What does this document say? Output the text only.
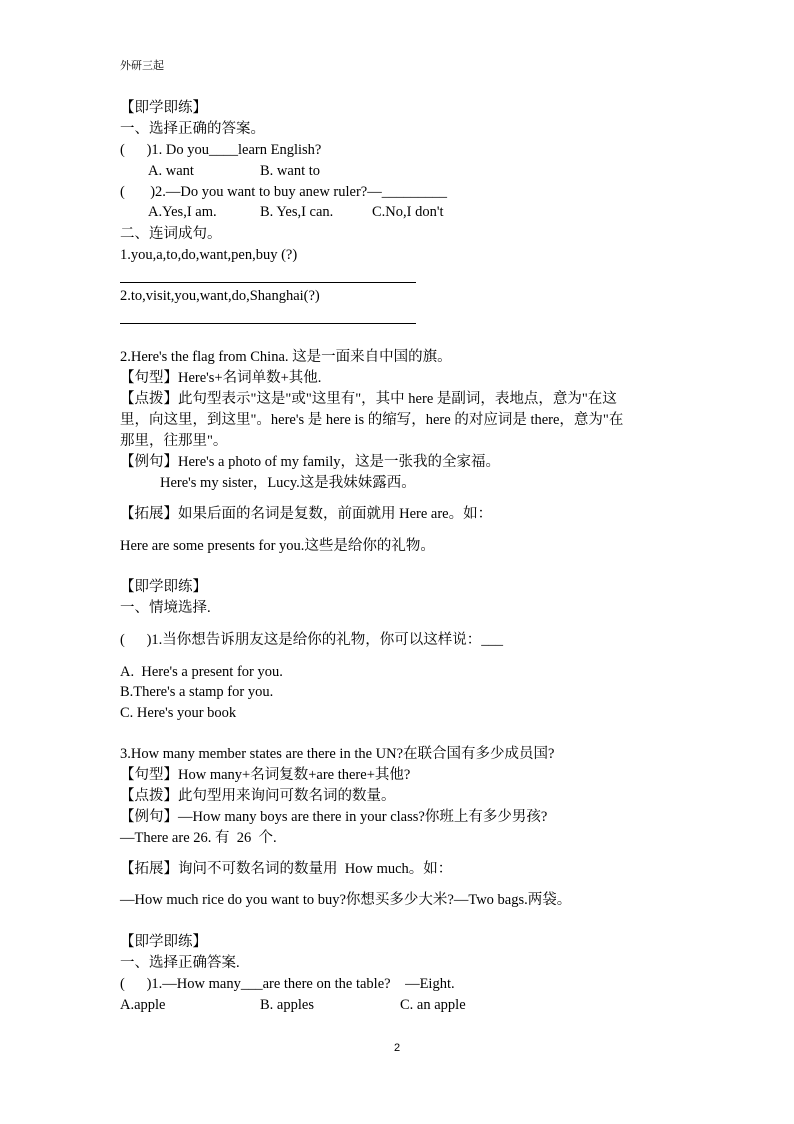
外研三起
【即学即练】
一、选择正确的答案。
(      )1. Do you____learn English?
A. want	B. want to
(       )2.—Do you want to buy anew ruler?—_________
A.Yes,I am.	B. Yes,I can.	C.No,I don't
二、连词成句。
1.you,a,to,do,want,pen,buy (?)
2.to,visit,you,want,do,Shanghai(?)
2.Here's the flag from China. 这是一面来自中国的旗。
【句型】Here's+名词单数+其他.
【点拨】此句型表示"这是"或"这里有"，其中 here 是副词，表地点，意为"在这
里，向这里，到这里"。here's 是 here is 的缩写，here 的对应词是 there，意为"在
那里，往那里"。
【例句】Here's a photo of my family，这是一张我的全家福。
Here's my sister，Lucy.这是我妹妹露西。
【拓展】如果后面的名词是复数，前面就用 Here are。如：
Here are some presents for you.这些是给你的礼物。
【即学即练】
一、情境选择.
(      )1.当你想告诉朋友这是给你的礼物，你可以这样说：___
A.  Here's a present for you.
B.There's a stamp for you.
C. Here's your book
3.How many member states are there in the UN?在联合国有多少成员国?
【句型】How many+名词复数+are there+其他?
【点拨】此句型用来询问可数名词的数量。
【例句】—How many boys are there in your class?你班上有多少男孩?
—There are 26. 有  26  个.
【拓展】询问不可数名词的数量用  How much。如：
—How much rice do you want to buy?你想买多少大米?—Two bags.两袋。
【即学即练】
一、选择正确答案.
(      )1.—How many___are there on the table?    —Eight.
A.apple	B. apples	C. an apple
2
